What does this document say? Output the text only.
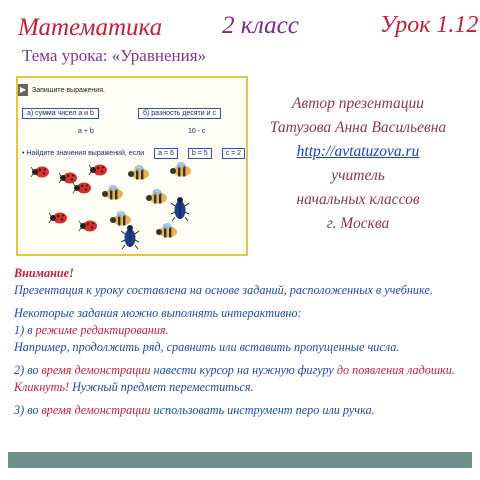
Математика 2 класс	Урок 1.12
Тема урока: «Уравнения»
▶ Запишите выражения.
а) сумма чисел a и b	б) разность десяти и c
a + b	10 - c
• Найдите значения выражений, если	a = 6	b = 5	c = 2
Автор презентации
Татузова Анна Васильевна
http://avtatuzova.ru
учитель
начальных классов
г. Москва
Внимание!
Презентация к уроку составлена на основе заданий, расположенных в учебнике.
Некоторые задания можно выполнять интерактивно:
1) в режиме редактирования.
Например, продолжить ряд, сравнить или вставить пропущенные числа.
2) во время демонстрации навести курсор на нужную фигуру до появления ладошки.
Кликнуть! Нужный предмет переместиться.
3) во время демонстрации использовать инструмент перо или ручка.
